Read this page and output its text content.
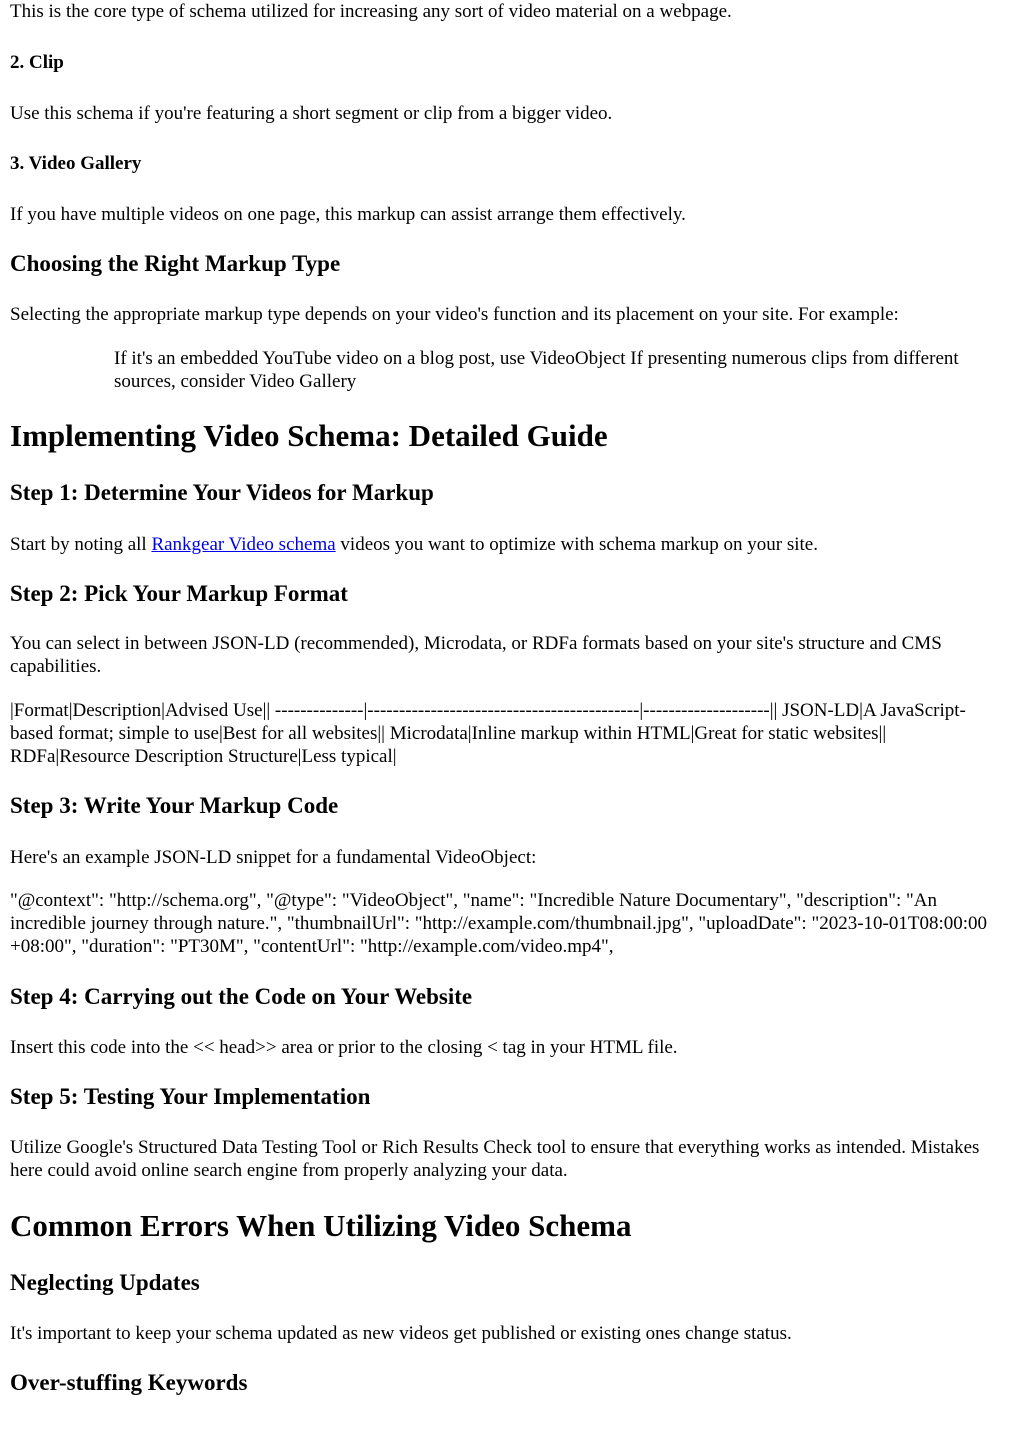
This is the core type of schema utilized for increasing any sort of video material on a webpage.

2. Clip

Use this schema if you're featuring a short segment or clip from a bigger video.

3. Video Gallery

If you have multiple videos on one page, this markup can assist arrange them effectively.

Choosing the Right Markup Type

Selecting the appropriate markup type depends on your video's function and its placement on your site. For example:

If it's an embedded YouTube video on a blog post, use VideoObject If presenting numerous clips from different sources, consider Video Gallery
Implementing Video Schema: Detailed Guide
Step 1: Determine Your Videos for Markup

Start by noting all Rankgear Video schema videos you want to optimize with schema markup on your site.

Step 2: Pick Your Markup Format

You can select in between JSON-LD (recommended), Microdata, or RDFa formats based on your site's structure and CMS capabilities.

|Format|Description|Advised Use|| --------------|-------------------------------------------|--------------------|| JSON-LD|A JavaScript-based format; simple to use|Best for all websites|| Microdata|Inline markup within HTML|Great for static websites|| RDFa|Resource Description Structure|Less typical|

Step 3: Write Your Markup Code

Here's an example JSON-LD snippet for a fundamental VideoObject:

"@context": "http://schema.org", "@type": "VideoObject", "name": "Incredible Nature Documentary", "description": "An incredible journey through nature.", "thumbnailUrl": "http://example.com/thumbnail.jpg", "uploadDate": "2023-10-01T08:00:00 +08:00", "duration": "PT30M", "contentUrl": "http://example.com/video.mp4",

Step 4: Carrying out the Code on Your Website

Insert this code into the << head>> area or prior to the closing < tag in your HTML file.

Step 5: Testing Your Implementation

Utilize Google's Structured Data Testing Tool or Rich Results Check tool to ensure that everything works as intended. Mistakes here could avoid online search engine from properly analyzing your data.

Common Errors When Utilizing Video Schema
Neglecting Updates

It's important to keep your schema updated as new videos get published or existing ones change status.

Over-stuffing Keywords
